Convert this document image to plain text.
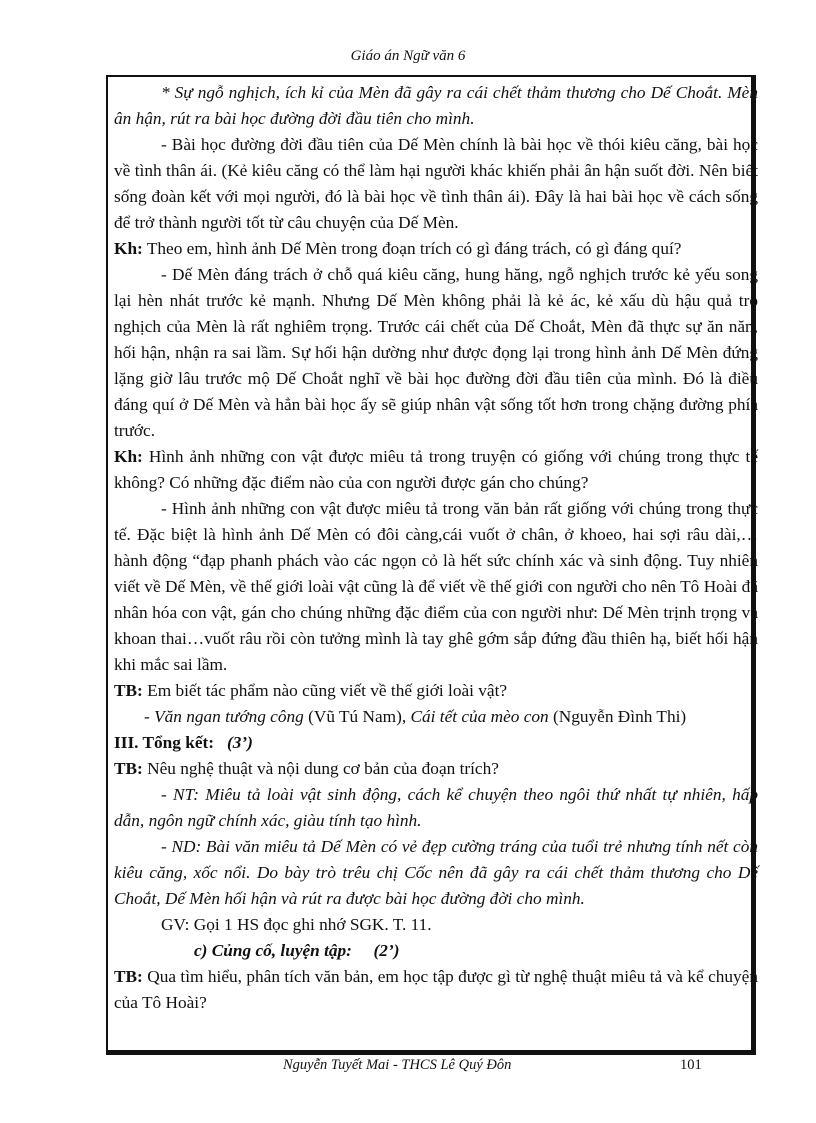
Giáo án Ngữ văn 6

* Sự ngỗ nghịch, ích kỉ của Mèn đã gây ra cái chết thảm thương cho Dế Choắt. Mèn ân hận, rút ra bài học đường đời đầu tiên cho mình.

- Bài học đường đời đầu tiên của Dế Mèn chính là bài học về thói kiêu căng, bài học về tình thân ái. (Kẻ kiêu căng có thể làm hại người khác khiến phải ân hận suốt đời. Nên biết sống đoàn kết với mọi người, đó là bài học về tình thân ái). Đây là hai bài học về cách sống để trở thành người tốt từ câu chuyện của Dế Mèn.

Kh: Theo em, hình ảnh Dế Mèn trong đoạn trích có gì đáng trách, có gì đáng quí?

- Dế Mèn đáng trách ở chỗ quá kiêu căng, hung hăng, ngỗ nghịch trước kẻ yếu song lại hèn nhát trước kẻ mạnh. Nhưng Dế Mèn không phải là kẻ ác, kẻ xấu dù hậu quả trò nghịch của Mèn là rất nghiêm trọng. Trước cái chết của Dế Choắt, Mèn đã thực sự ăn năn, hối hận, nhận ra sai lầm. Sự hối hận dường như được đọng lại trong hình ảnh Dế Mèn đứng lặng giờ lâu trước mộ Dế Choắt nghĩ về bài học đường đời đầu tiên của mình. Đó là điều đáng quí ở Dế Mèn và hẳn bài học ấy sẽ giúp nhân vật sống tốt hơn trong chặng đường phía trước.

Kh: Hình ảnh những con vật được miêu tả trong truyện có giống với chúng trong thực tế không? Có những đặc điểm nào của con người được gán cho chúng?

- Hình ảnh những con vật được miêu tả trong văn bản rất giống với chúng trong thực tế. Đặc biệt là hình ảnh Dế Mèn có đôi càng,cái vuốt ở chân, ở khoeo, hai sợi râu dài,… hành động “đạp phanh phách vào các ngọn cỏ là hết sức chính xác và sinh động. Tuy nhiên viết về Dế Mèn, về thế giới loài vật cũng là để viết về thế giới con người cho nên Tô Hoài đã nhân hóa con vật, gán cho chúng những đặc điểm của con người như: Dế Mèn trịnh trọng và khoan thai…vuốt râu rồi còn tưởng mình là tay ghê gớm sắp đứng đầu thiên hạ, biết hối hận khi mắc sai lầm.

TB: Em biết tác phẩm nào cũng viết về thế giới loài vật?

- Văn ngan tướng công (Vũ Tú Nam), Cái tết của mèo con (Nguyễn Đình Thi)

III. Tổng kết: (3’)

TB: Nêu nghệ thuật và nội dung cơ bản của đoạn trích?

- NT: Miêu tả loài vật sinh động, cách kể chuyện theo ngôi thứ nhất tự nhiên, hấp dẫn, ngôn ngữ chính xác, giàu tính tạo hình.

- ND: Bài văn miêu tả Dế Mèn có vẻ đẹp cường tráng của tuổi trẻ nhưng tính nết còn kiêu căng, xốc nổi. Do bày trò trêu chị Cốc nên đã gây ra cái chết thảm thương cho Dế Choắt, Dế Mèn hối hận và rút ra được bài học đường đời cho mình.

GV: Gọi 1 HS đọc ghi nhớ SGK. T. 11.

c) Củng cố, luyện tập: (2’)

TB: Qua tìm hiểu, phân tích văn bản, em học tập được gì từ nghệ thuật miêu tả và kể chuyện của Tô Hoài?

Nguyễn Tuyết Mai - THCS Lê Quý Đôn	101
